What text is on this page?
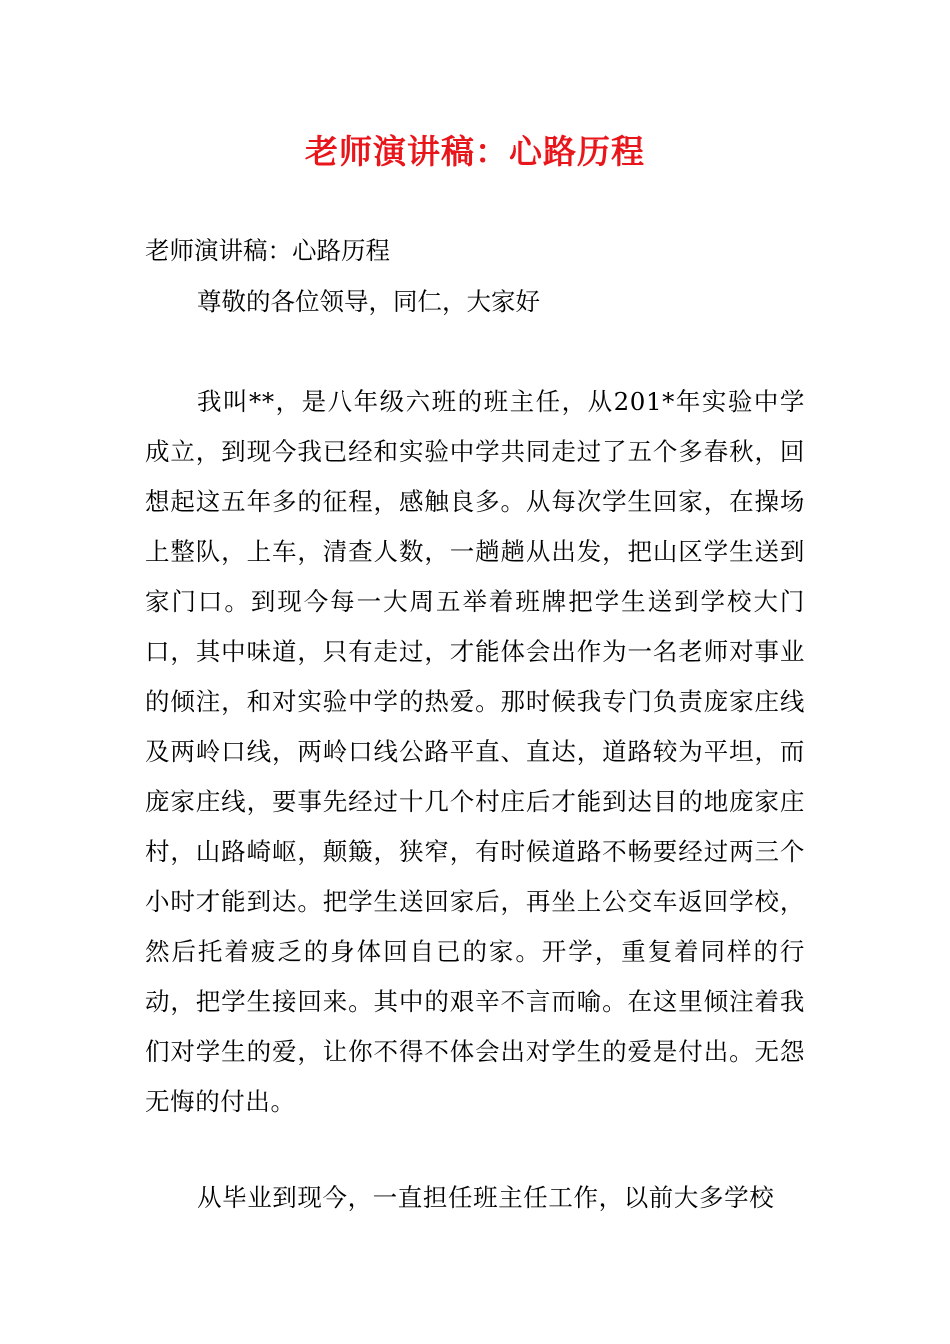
老师演讲稿：心路历程
老师演讲稿：心路历程
尊敬的各位领导，同仁，大家好
我叫**，是八年级六班的班主任，从201*年实验中学成立，到现今我已经和实验中学共同走过了五个多春秋，回想起这五年多的征程，感触良多。从每次学生回家，在操场上整队，上车，清查人数，一趟趟从出发，把山区学生送到家门口。到现今每一大周五举着班牌把学生送到学校大门口，其中味道，只有走过，才能体会出作为一名老师对事业的倾注，和对实验中学的热爱。那时候我专门负责庞家庄线及两岭口线，两岭口线公路平直、直达，道路较为平坦，而庞家庄线，要事先经过十几个村庄后才能到达目的地庞家庄村，山路崎岖，颠簸，狭窄，有时候道路不畅要经过两三个小时才能到达。把学生送回家后，再坐上公交车返回学校，然后托着疲乏的身体回自已的家。开学，重复着同样的行动，把学生接回来。其中的艰辛不言而喻。在这里倾注着我们对学生的爱，让你不得不体会出对学生的爱是付出。无怨无悔的付出。
从毕业到现今，一直担任班主任工作，以前大多学校
